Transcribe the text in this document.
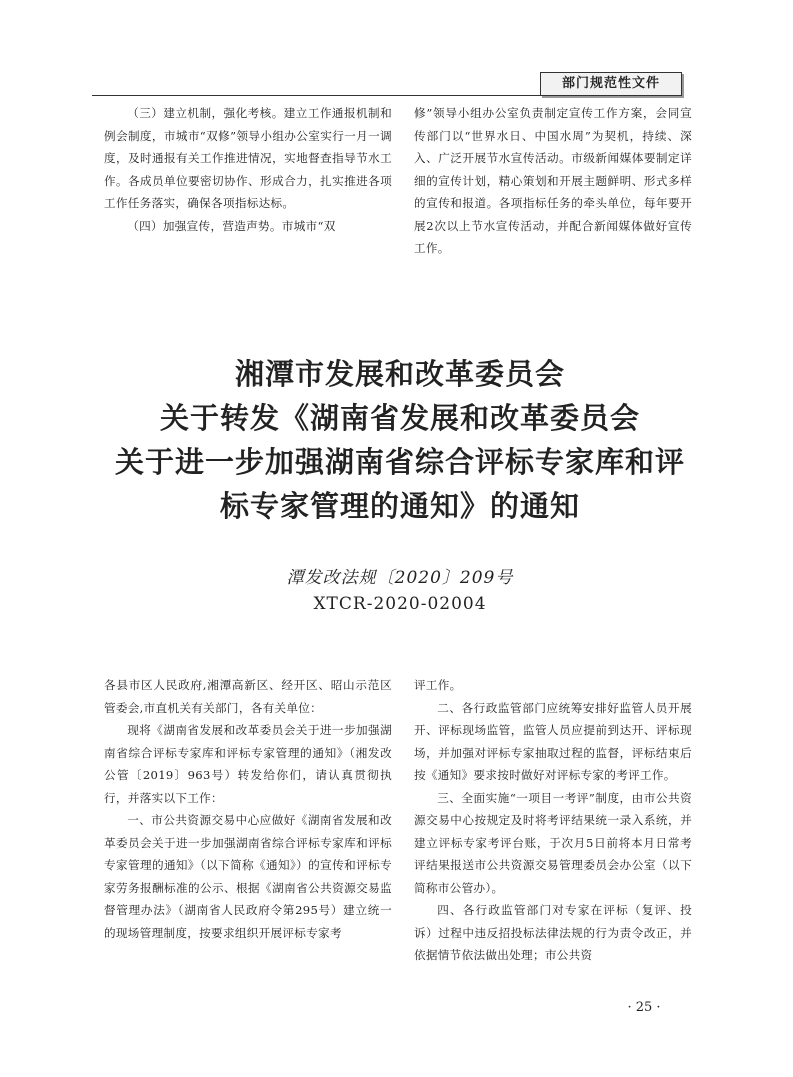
部门规范性文件

（三）建立机制，强化考核。建立工作通报机制和例会制度，市城市“双修”领导小组办公室实行一月一调度，及时通报有关工作推进情况，实地督查指导节水工作。各成员单位要密切协作、形成合力，扎实推进各项工作任务落实，确保各项指标达标。

（四）加强宣传，营造声势。市城市“双

修”领导小组办公室负责制定宣传工作方案，会同宣传部门以“世界水日、中国水周”为契机，持续、深入、广泛开展节水宣传活动。市级新闻媒体要制定详细的宣传计划，精心策划和开展主题鲜明、形式多样的宣传和报道。各项指标任务的牵头单位，每年要开展2次以上节水宣传活动，并配合新闻媒体做好宣传工作。

湘潭市发展和改革委员会
关于转发《湖南省发展和改革委员会
关于进一步加强湖南省综合评标专家库和评
标专家管理的通知》的通知
潭发改法规〔2020〕209号
XTCR-2020-02004

各县市区人民政府,湘潭高新区、经开区、昭山示范区管委会,市直机关有关部门，各有关单位：

现将《湖南省发展和改革委员会关于进一步加强湖南省综合评标专家库和评标专家管理的通知》（湘发改公管〔2019〕963号）转发给你们，请认真贯彻执行，并落实以下工作：

一、市公共资源交易中心应做好《湖南省发展和改革委员会关于进一步加强湖南省综合评标专家库和评标专家管理的通知》（以下简称《通知》）的宣传和评标专家劳务报酬标准的公示、根据《湖南省公共资源交易监督管理办法》（湖南省人民政府令第295号）建立统一的现场管理制度，按要求组织开展评标专家考

评工作。

二、各行政监管部门应统筹安排好监管人员开展开、评标现场监管，监管人员应提前到达开、评标现场，并加强对评标专家抽取过程的监督，评标结束后按《通知》要求按时做好对评标专家的考评工作。

三、全面实施“一项目一考评”制度，由市公共资源交易中心按规定及时将考评结果统一录入系统，并建立评标专家考评台账，于次月5日前将本月日常考评结果报送市公共资源交易管理委员会办公室（以下简称市公管办）。

四、各行政监管部门对专家在评标（复评、投诉）过程中违反招投标法律法规的行为责令改正，并依据情节依法做出处理；市公共资

· 25 ·
